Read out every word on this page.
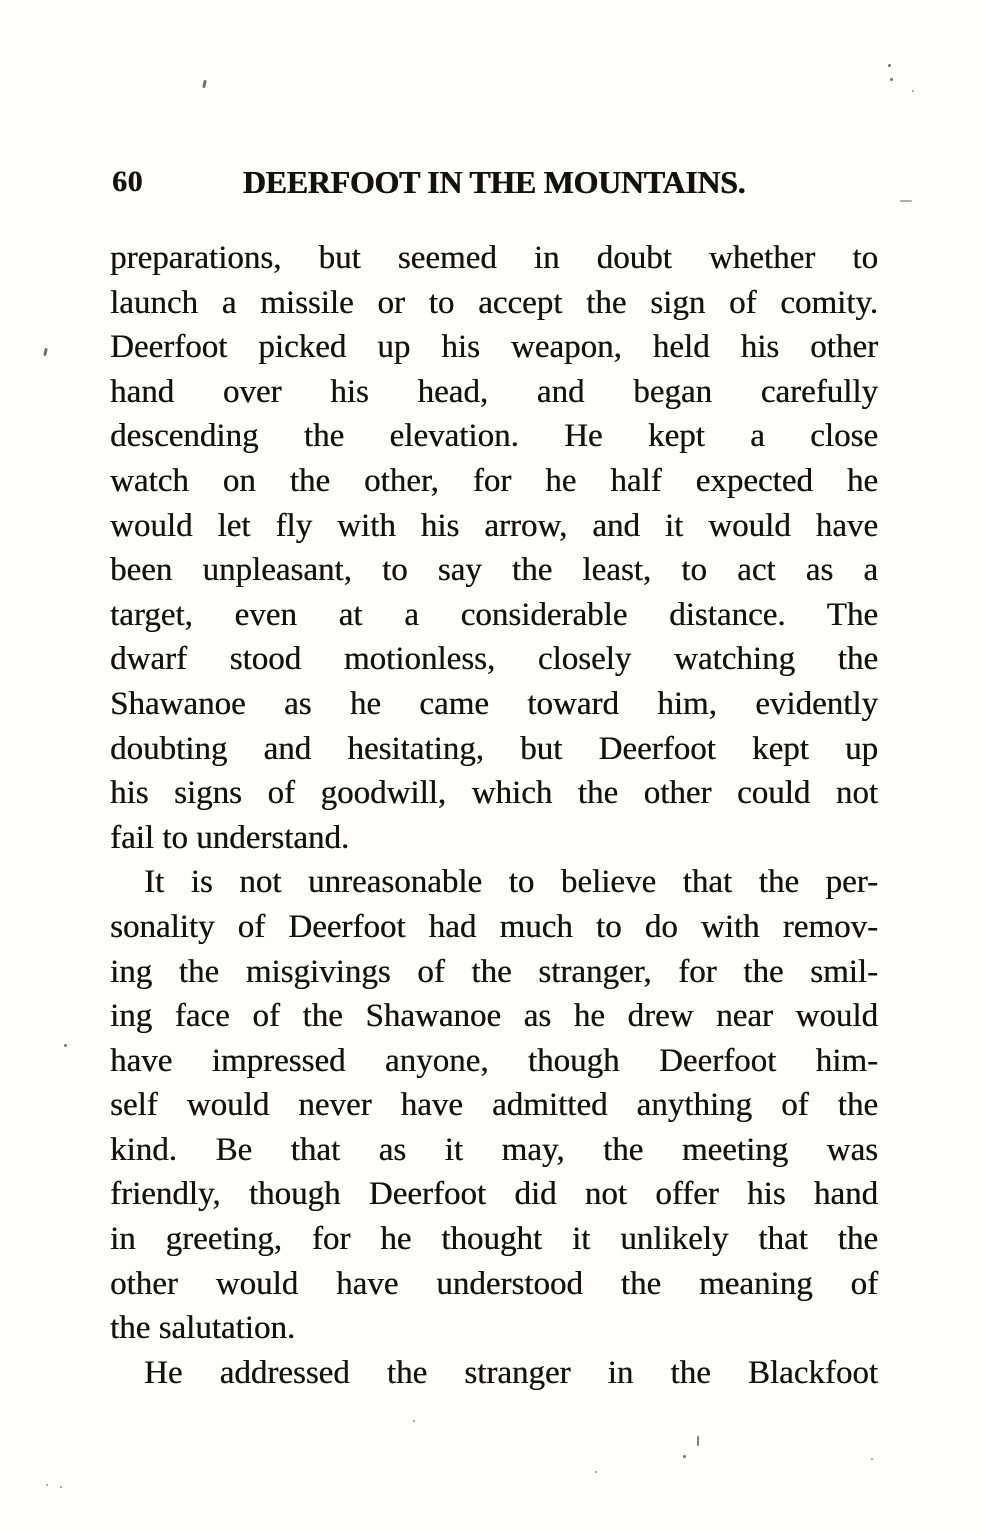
60	DEERFOOT IN THE MOUNTAINS.
preparations, but seemed in doubt whether to
launch a missile or to accept the sign of comity.
Deerfoot picked up his weapon, held his other
hand over his head, and began carefully
descending the elevation. He kept a close
watch on the other, for he half expected he
would let fly with his arrow, and it would have
been unpleasant, to say the least, to act as a
target, even at a considerable distance. The
dwarf stood motionless, closely watching the
Shawanoe as he came toward him, evidently
doubting and hesitating, but Deerfoot kept up
his signs of goodwill, which the other could not
fail to understand.
It is not unreasonable to believe that the per-
sonality of Deerfoot had much to do with remov-
ing the misgivings of the stranger, for the smil-
ing face of the Shawanoe as he drew near would
have impressed anyone, though Deerfoot him-
self would never have admitted anything of the
kind. Be that as it may, the meeting was
friendly, though Deerfoot did not offer his hand
in greeting, for he thought it unlikely that the
other would have understood the meaning of
the salutation.
He addressed the stranger in the Blackfoot
